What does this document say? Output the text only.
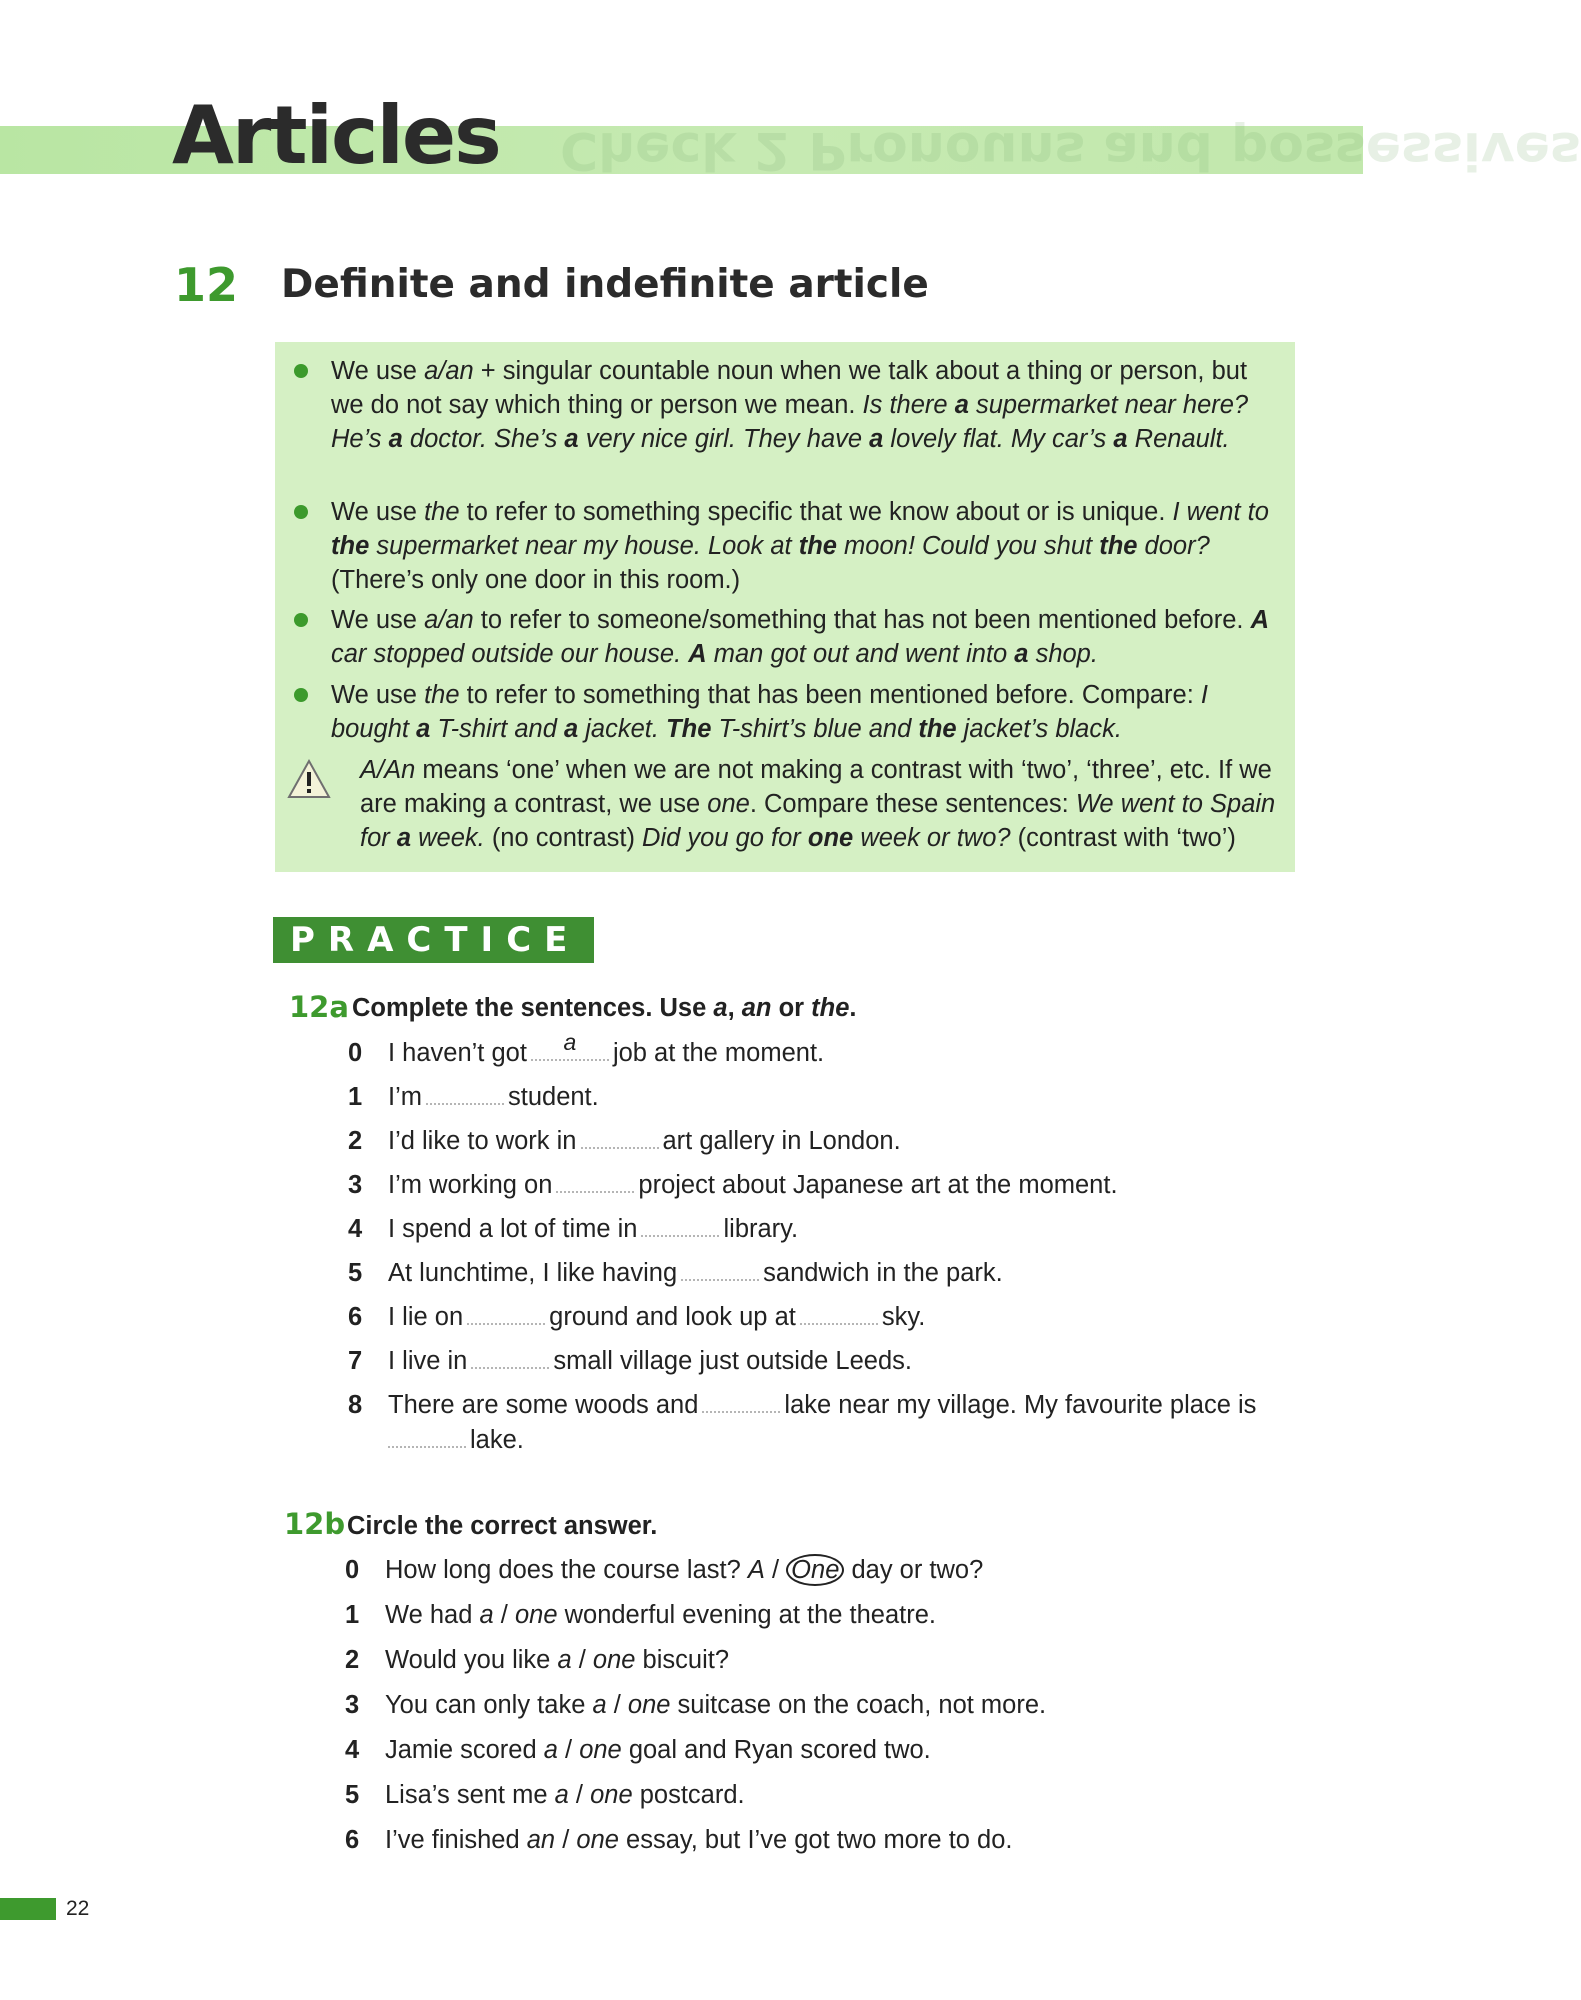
Check 2 Pronouns and possessives
Articles
12 Definite and indefinite article
We use a/an + singular countable noun when we talk about a thing or person, but we do not say which thing or person we mean. Is there a supermarket near here? He’s a doctor. She’s a very nice girl. They have a lovely flat. My car’s a Renault.
We use the to refer to something specific that we know about or is unique. I went to the supermarket near my house. Look at the moon! Could you shut the door? (There’s only one door in this room.)
We use a/an to refer to someone/something that has not been mentioned before. A car stopped outside our house. A man got out and went into a shop.
We use the to refer to something that has been mentioned before. Compare: I bought a T-shirt and a jacket. The T-shirt’s blue and the jacket’s black.
A/An means ‘one’ when we are not making a contrast with ‘two’, ‘three’, etc. If we are making a contrast, we use one. Compare these sentences: We went to Spain for a week. (no contrast) Did you go for one week or two? (contrast with ‘two’)
PRACTICE
12a Complete the sentences. Use a, an or the.
0	I haven’t got	a	job at the moment.
1	I’m	student.
2	I’d like to work in	art gallery in London.
3	I’m working on	project about Japanese art at the moment.
4	I spend a lot of time in	library.
5	At lunchtime, I like having	sandwich in the park.
6	I lie on	ground and look up at	sky.
7	I live in	small village just outside Leeds.
8	There are some woods and	lake near my village. My favourite place is
lake.
12b Circle the correct answer.
0	How long does the course last? A / One day or two?
1	We had a / one wonderful evening at the theatre.
2	Would you like a / one biscuit?
3	You can only take a / one suitcase on the coach, not more.
4	Jamie scored a / one goal and Ryan scored two.
5	Lisa’s sent me a / one postcard.
6	I’ve finished an / one essay, but I’ve got two more to do.
22
